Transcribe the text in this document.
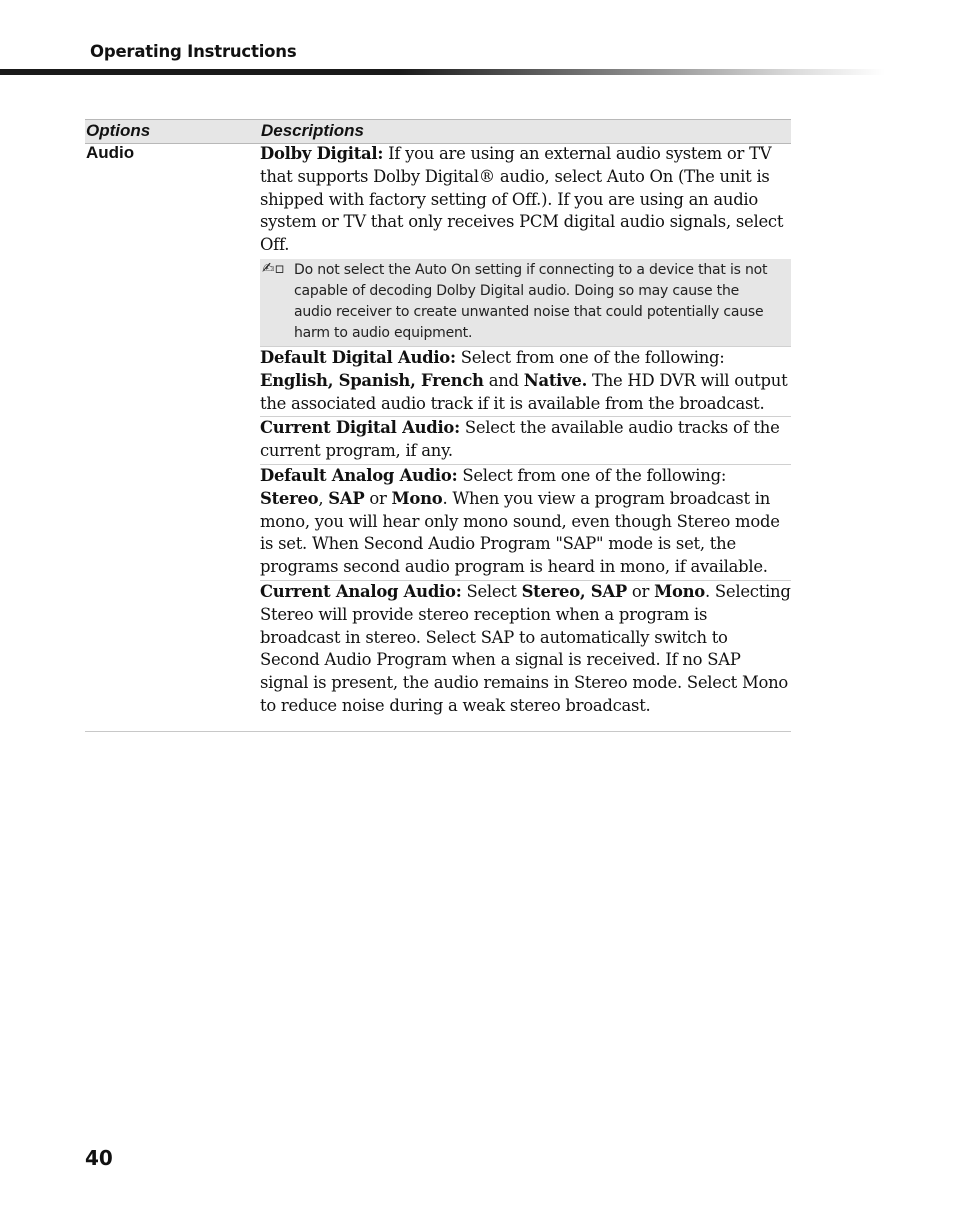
Operating Instructions
Options	Descriptions
Audio	Dolby Digital: If you are using an external audio system or TV that supports Dolby Digital® audio, select Auto On (The unit is shipped with factory setting of Off.). If you are using an audio system or TV that only receives PCM digital audio signals, select Off.
✍▫ Do not select the Auto On setting if connecting to a device that is not capable of decoding Dolby Digital audio. Doing so may cause the audio receiver to create unwanted noise that could potentially cause harm to audio equipment.
Default Digital Audio: Select from one of the following: English, Spanish, French and Native. The HD DVR will output the associated audio track if it is available from the broadcast.
Current Digital Audio: Select the available audio tracks of the current program, if any.
Default Analog Audio: Select from one of the following: Stereo, SAP or Mono. When you view a program broadcast in mono, you will hear only mono sound, even though Stereo mode is set. When Second Audio Program "SAP" mode is set, the programs second audio program is heard in mono, if available.
Current Analog Audio: Select Stereo, SAP or Mono. Selecting Stereo will provide stereo reception when a program is broadcast in stereo. Select SAP to automatically switch to Second Audio Program when a signal is received. If no SAP signal is present, the audio remains in Stereo mode. Select Mono to reduce noise during a weak stereo broadcast.
40
